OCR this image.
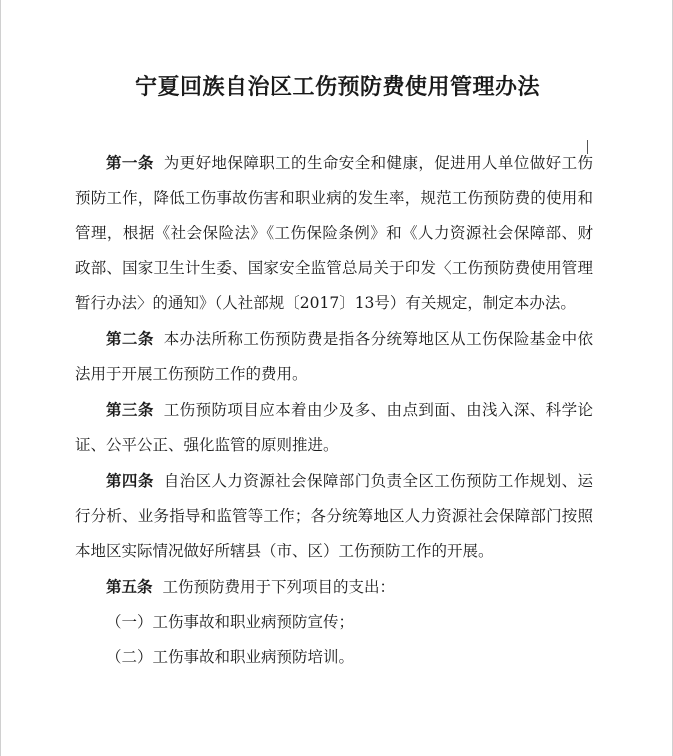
宁夏回族自治区工伤预防费使用管理办法

第一条 为更好地保障职工的生命安全和健康，促进用人单位做好工伤预防工作，降低工伤事故伤害和职业病的发生率，规范工伤预防费的使用和管理，根据《社会保险法》《工伤保险条例》和《人力资源社会保障部、财政部、国家卫生计生委、国家安全监管总局关于印发〈工伤预防费使用管理暂行办法〉的通知》（人社部规〔2017〕13号）有关规定，制定本办法。

第二条 本办法所称工伤预防费是指各分统筹地区从工伤保险基金中依法用于开展工伤预防工作的费用。

第三条 工伤预防项目应本着由少及多、由点到面、由浅入深、科学论证、公平公正、强化监管的原则推进。

第四条 自治区人力资源社会保障部门负责全区工伤预防工作规划、运行分析、业务指导和监管等工作；各分统筹地区人力资源社会保障部门按照本地区实际情况做好所辖县（市、区）工伤预防工作的开展。

第五条 工伤预防费用于下列项目的支出：

（一）工伤事故和职业病预防宣传；

（二）工伤事故和职业病预防培训。
